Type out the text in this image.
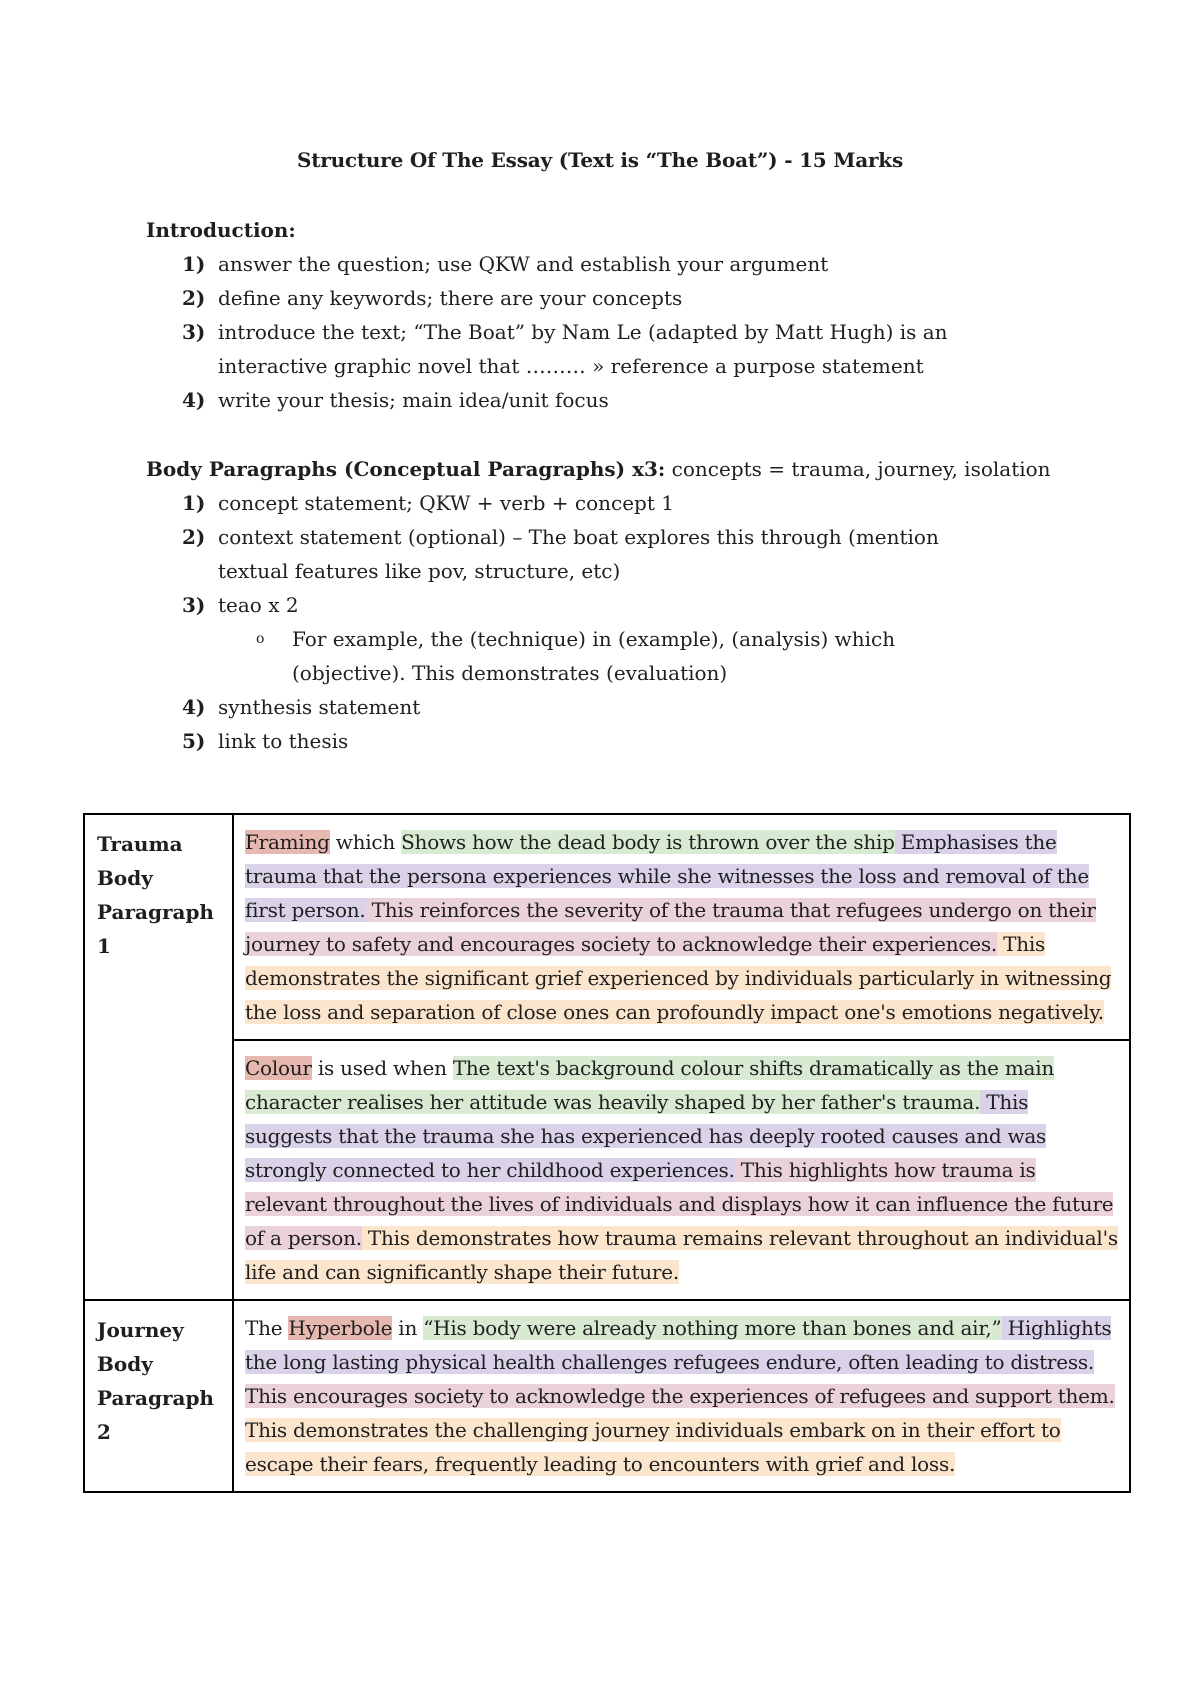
Structure Of The Essay (Text is “The Boat”) - 15 Marks
Introduction:
1) answer the question; use QKW and establish your argument
2) define any keywords; there are your concepts
3) introduce the text; “The Boat” by Nam Le (adapted by Matt Hugh) is an interactive graphic novel that ……… » reference a purpose statement
4) write your thesis; main idea/unit focus
Body Paragraphs (Conceptual Paragraphs) x3: concepts = trauma, journey, isolation
1) concept statement; QKW + verb + concept 1
2) context statement (optional) – The boat explores this through (mention textual features like pov, structure, etc)
3) teao x 2
o For example, the (technique) in (example), (analysis) which (objective). This demonstrates (evaluation)
4) synthesis statement
5) link to thesis
Trauma Body Paragraph 1	Framing which Shows how the dead body is thrown over the ship Emphasises the trauma that the persona experiences while she witnesses the loss and removal of the first person. This reinforces the severity of the trauma that refugees undergo on their journey to safety and encourages society to acknowledge their experiences. This demonstrates the significant grief experienced by individuals particularly in witnessing the loss and separation of close ones can profoundly impact one's emotions negatively.
	Colour is used when The text's background colour shifts dramatically as the main character realises her attitude was heavily shaped by her father's trauma. This suggests that the trauma she has experienced has deeply rooted causes and was strongly connected to her childhood experiences. This highlights how trauma is relevant throughout the lives of individuals and displays how it can influence the future of a person. This demonstrates how trauma remains relevant throughout an individual's life and can significantly shape their future.
Journey Body Paragraph 2	The Hyperbole in “His body were already nothing more than bones and air,” Highlights the long lasting physical health challenges refugees endure, often leading to distress. This encourages society to acknowledge the experiences of refugees and support them. This demonstrates the challenging journey individuals embark on in their effort to escape their fears, frequently leading to encounters with grief and loss.
